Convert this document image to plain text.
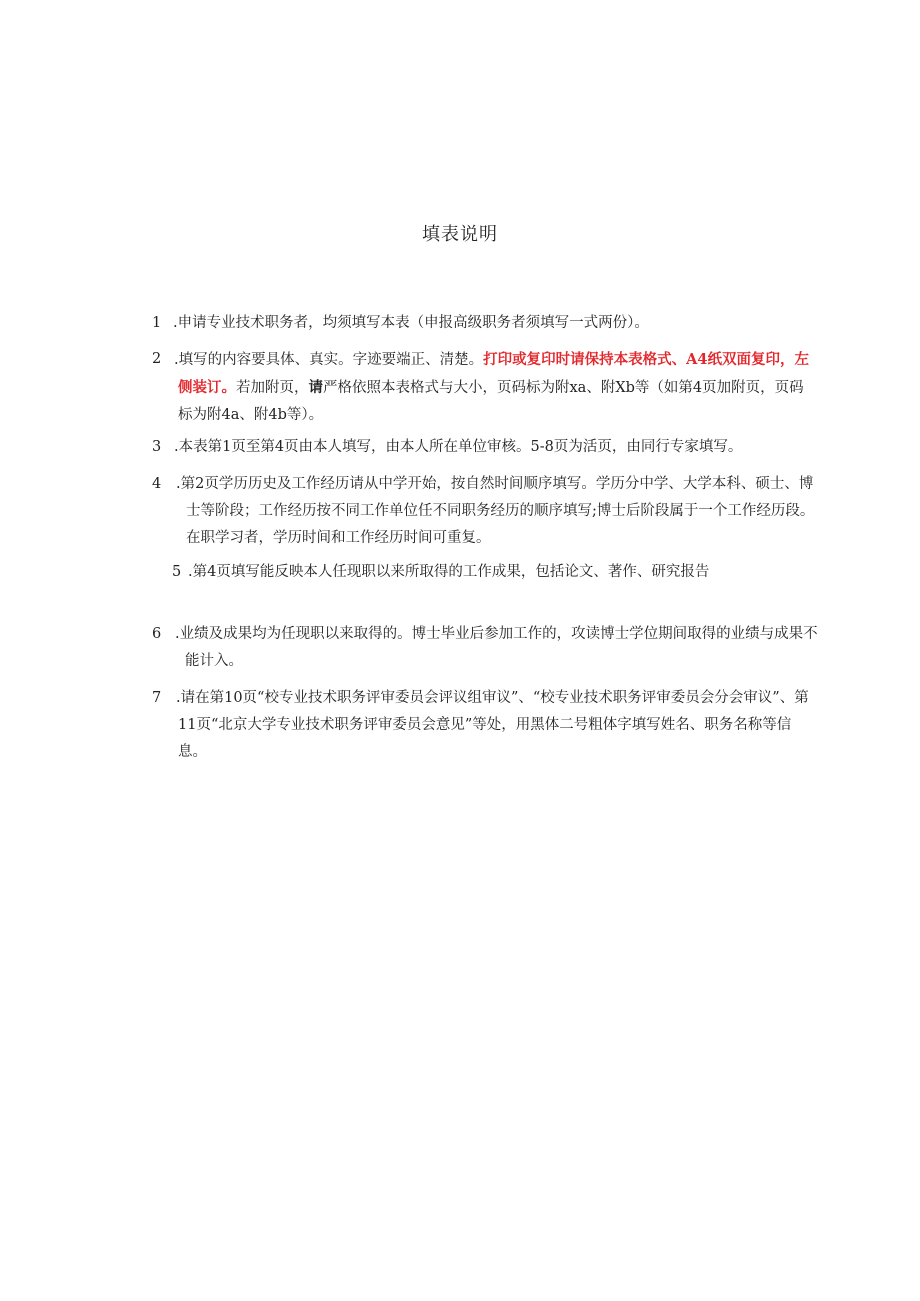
填表说明
1 .申请专业技术职务者，均须填写本表（申报高级职务者须填写一式两份）。
2 .填写的内容要具体、真实。字迹要端正、清楚。打印或复印时请保持本表格式、A4纸双面复印，左侧装订。若加附页，请严格依照本表格式与大小，页码标为附xa、附Xb等（如第4页加附页，页码标为附4a、附4b等）。
3 .本表第1页至第4页由本人填写，由本人所在单位审核。5-8页为活页，由同行专家填写。
4	.第2页学历历史及工作经历请从中学开始，按自然时间顺序填写。学历分中学、大学本科、硕士、博士等阶段；工作经历按不同工作单位任不同职务经历的顺序填写;博士后阶段属于一个工作经历段。在职学习者，学历时间和工作经历时间可重复。
5 .第4页填写能反映本人任现职以来所取得的工作成果，包括论文、著作、研究报告
6 .业绩及成果均为任现职以来取得的。博士毕业后参加工作的，攻读博士学位期间取得的业绩与成果不能计入。
7	.请在第10页“校专业技术职务评审委员会评议组审议”、“校专业技术职务评审委员会分会审议”、第11页“北京大学专业技术职务评审委员会意见”等处，用黑体二号粗体字填写姓名、职务名称等信息。
